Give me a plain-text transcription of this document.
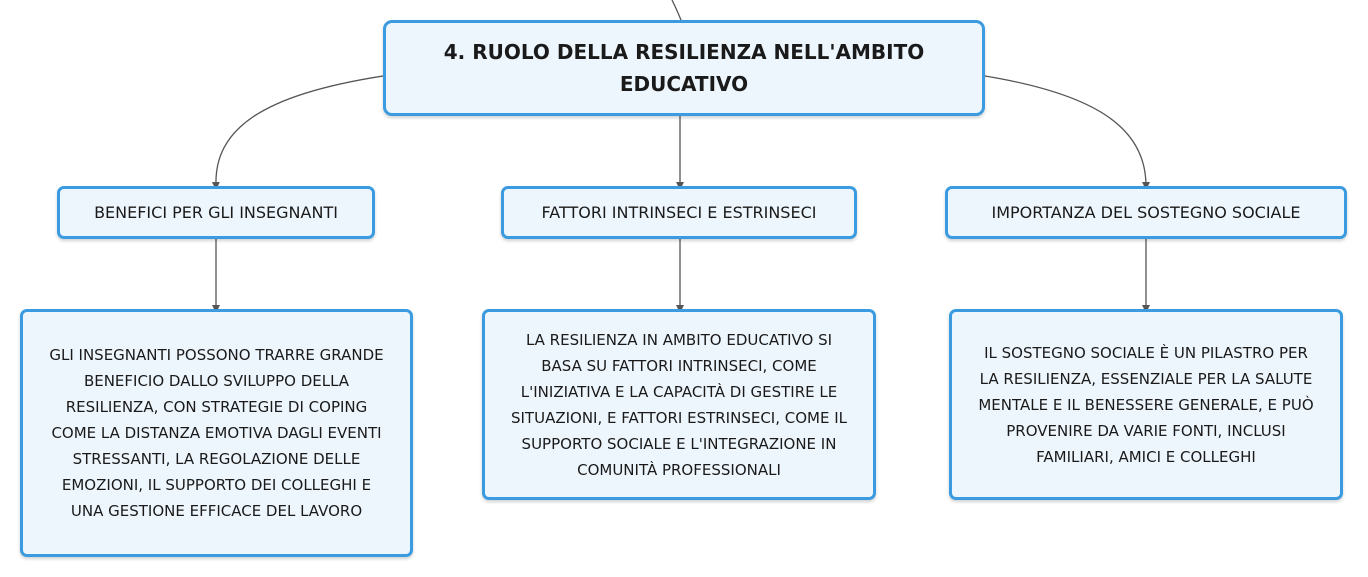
4. RUOLO DELLA RESILIENZA NELL'AMBITO
EDUCATIVO
BENEFICI PER GLI INSEGNANTI	FATTORI INTRINSECI E ESTRINSECI	IMPORTANZA DEL SOSTEGNO SOCIALE
GLI INSEGNANTI POSSONO TRARRE GRANDE
BENEFICIO DALLO SVILUPPO DELLA
RESILIENZA, CON STRATEGIE DI COPING
COME LA DISTANZA EMOTIVA DAGLI EVENTI
STRESSANTI, LA REGOLAZIONE DELLE
EMOZIONI, IL SUPPORTO DEI COLLEGHI E
UNA GESTIONE EFFICACE DEL LAVORO
LA RESILIENZA IN AMBITO EDUCATIVO SI
BASA SU FATTORI INTRINSECI, COME
L'INIZIATIVA E LA CAPACITÀ DI GESTIRE LE
SITUAZIONI, E FATTORI ESTRINSECI, COME IL
SUPPORTO SOCIALE E L'INTEGRAZIONE IN
COMUNITÀ PROFESSIONALI
IL SOSTEGNO SOCIALE È UN PILASTRO PER
LA RESILIENZA, ESSENZIALE PER LA SALUTE
MENTALE E IL BENESSERE GENERALE, E PUÒ
PROVENIRE DA VARIE FONTI, INCLUSI
FAMILIARI, AMICI E COLLEGHI
